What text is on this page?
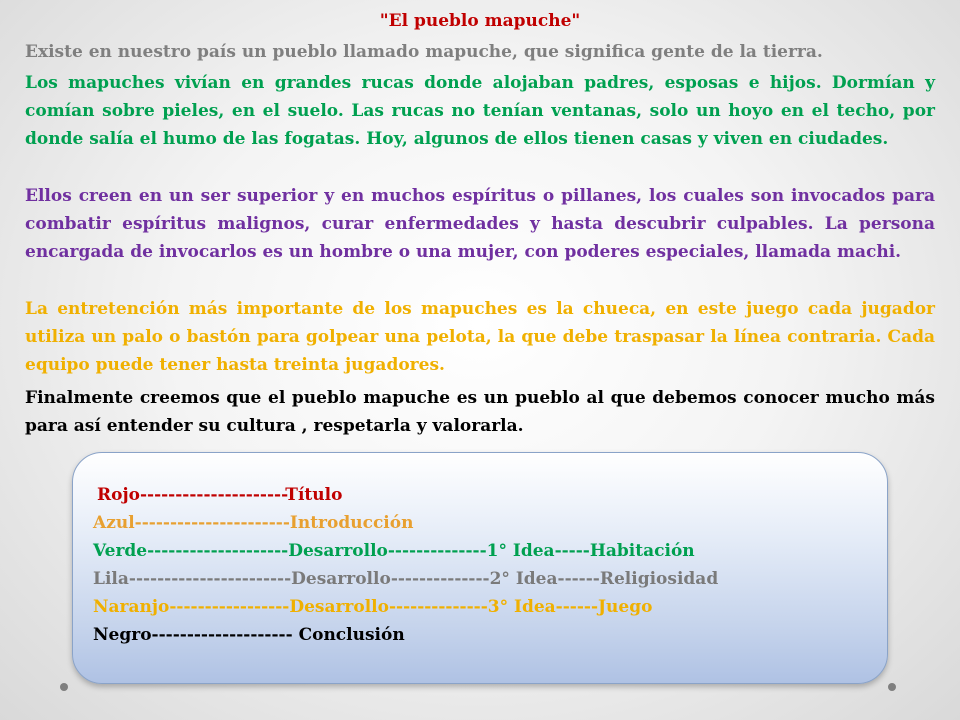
"El pueblo mapuche"

Existe en nuestro país un pueblo llamado mapuche, que significa gente de la tierra.

Los mapuches vivían en grandes rucas donde alojaban padres, esposas e hijos. Dormían y comían sobre pieles, en el suelo. Las rucas no tenían ventanas, solo un hoyo en el techo, por donde salía el humo de las fogatas. Hoy, algunos de ellos tienen casas y viven en ciudades.

Ellos creen en un ser superior y en muchos espíritus o pillanes, los cuales son invocados para combatir espíritus malignos, curar enfermedades y hasta descubrir culpables. La persona encargada de invocarlos es un hombre o una mujer, con poderes especiales, llamada machi.

La entretención más importante de los mapuches es la chueca, en este juego cada jugador utiliza un palo o bastón para golpear una pelota, la que debe traspasar la línea contraria. Cada equipo puede tener hasta treinta jugadores.

Finalmente creemos que el pueblo mapuche es un pueblo al que debemos conocer mucho más para así entender su cultura , respetarla y valorarla.

Rojo---------------------Título
Azul----------------------Introducción
Verde--------------------Desarrollo--------------1° Idea-----Habitación
Lila-----------------------Desarrollo--------------2° Idea------Religiosidad
Naranjo-----------------Desarrollo--------------3° Idea------Juego
Negro-------------------- Conclusión
